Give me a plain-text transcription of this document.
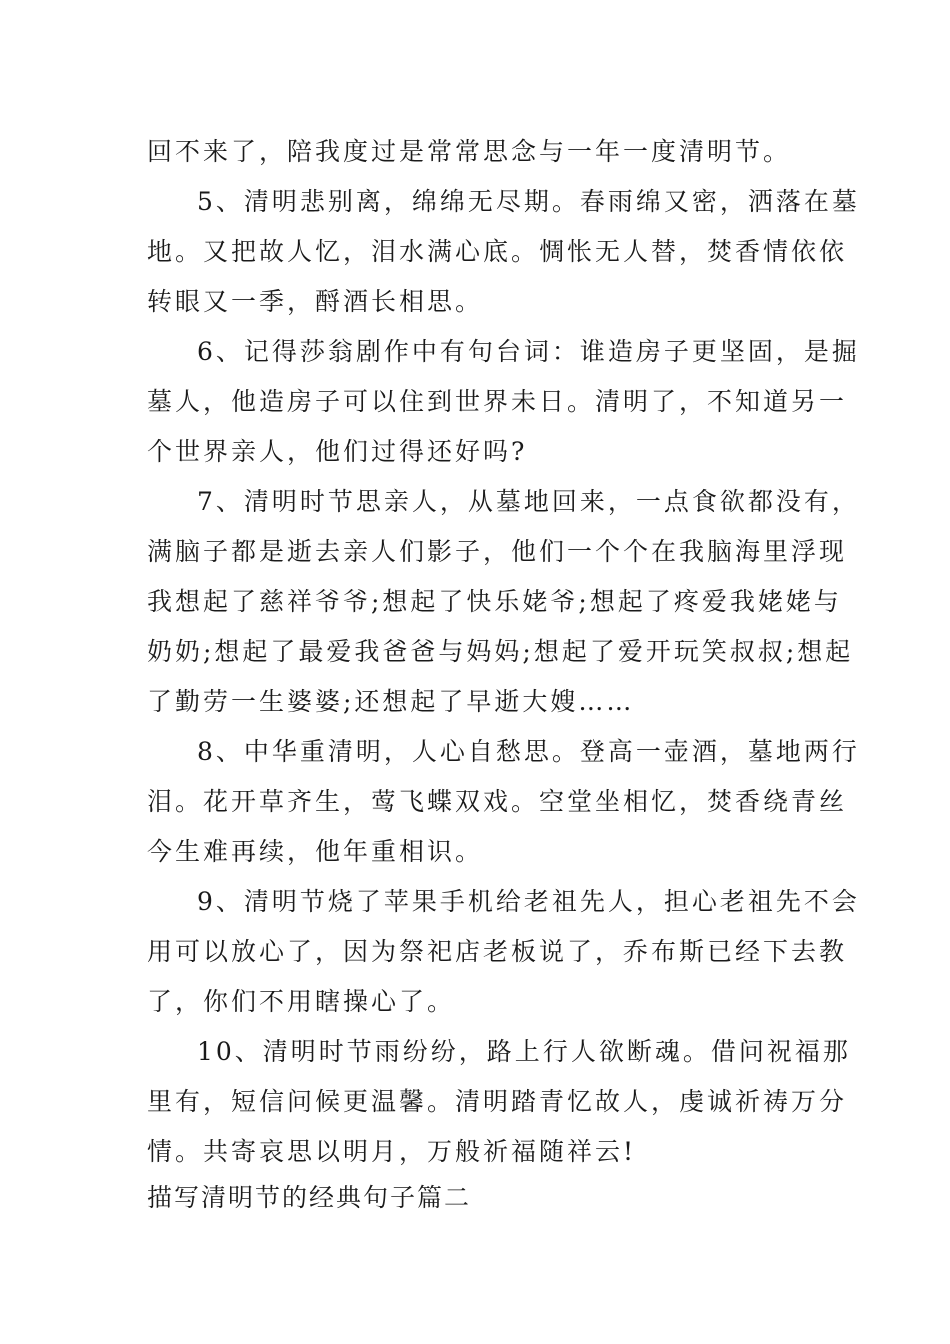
回不来了，陪我度过是常常思念与一年一度清明节。
5、清明悲别离，绵绵无尽期。春雨绵又密，洒落在墓
地。又把故人忆，泪水满心底。惆怅无人替，焚香情依依
转眼又一季，酹酒长相思。
6、记得莎翁剧作中有句台词：谁造房子更坚固，是掘
墓人，他造房子可以住到世界未日。清明了，不知道另一
个世界亲人，他们过得还好吗?
7、清明时节思亲人，从墓地回来，一点食欲都没有，
满脑子都是逝去亲人们影子，他们一个个在我脑海里浮现
我想起了慈祥爷爷;想起了快乐姥爷;想起了疼爱我姥姥与
奶奶;想起了最爱我爸爸与妈妈;想起了爱开玩笑叔叔;想起
了勤劳一生婆婆;还想起了早逝大嫂……
8、中华重清明，人心自愁思。登高一壶酒，墓地两行
泪。花开草齐生，莺飞蝶双戏。空堂坐相忆，焚香绕青丝
今生难再续，他年重相识。
9、清明节烧了苹果手机给老祖先人，担心老祖先不会
用可以放心了，因为祭祀店老板说了，乔布斯已经下去教
了，你们不用瞎操心了。
10、清明时节雨纷纷，路上行人欲断魂。借问祝福那
里有，短信问候更温馨。清明踏青忆故人，虔诚祈祷万分
情。共寄哀思以明月，万般祈福随祥云!
描写清明节的经典句子篇二
